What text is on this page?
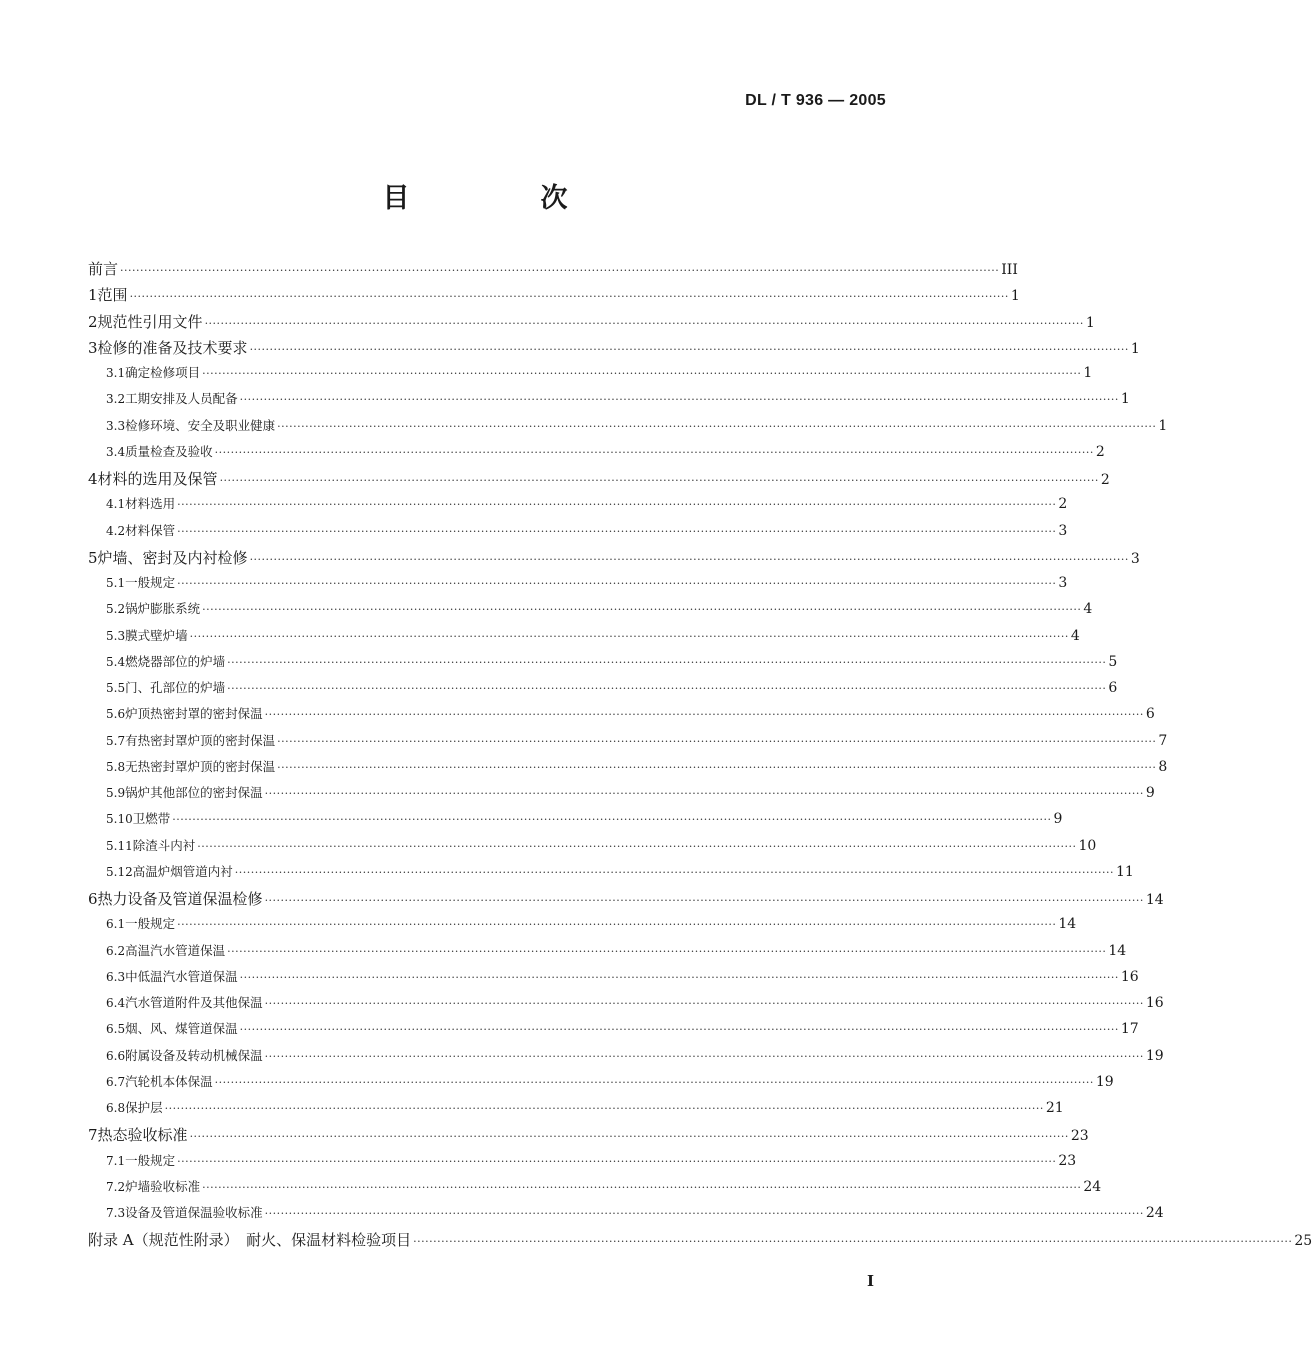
DL / T 936 — 2005
目　次
前言 ···························································································································································································································· III
1 范围 ···························································································································································································································· 1
2 规范性引用文件 ···························································································································································································································· 1
3 检修的准备及技术要求 ···························································································································································································································· 1
3.1 确定检修项目 ···························································································································································································································· 1
3.2 工期安排及人员配备 ···························································································································································································································· 1
3.3 检修环境、安全及职业健康 ···························································································································································································································· 1
3.4 质量检查及验收 ···························································································································································································································· 2
4 材料的选用及保管 ···························································································································································································································· 2
4.1 材料选用 ···························································································································································································································· 2
4.2 材料保管 ···························································································································································································································· 3
5 炉墙、密封及内衬检修 ···························································································································································································································· 3
5.1 一般规定 ···························································································································································································································· 3
5.2 锅炉膨胀系统 ···························································································································································································································· 4
5.3 膜式壁炉墙 ···························································································································································································································· 4
5.4 燃烧器部位的炉墙 ···························································································································································································································· 5
5.5 门、孔部位的炉墙 ···························································································································································································································· 6
5.6 炉顶热密封罩的密封保温 ···························································································································································································································· 6
5.7 有热密封罩炉顶的密封保温 ···························································································································································································································· 7
5.8 无热密封罩炉顶的密封保温 ···························································································································································································································· 8
5.9 锅炉其他部位的密封保温 ···························································································································································································································· 9
5.10 卫燃带 ···························································································································································································································· 9
5.11 除渣斗内衬 ···························································································································································································································· 10
5.12 高温炉烟管道内衬 ···························································································································································································································· 11
6 热力设备及管道保温检修 ···························································································································································································································· 14
6.1 一般规定 ···························································································································································································································· 14
6.2 高温汽水管道保温 ···························································································································································································································· 14
6.3 中低温汽水管道保温 ···························································································································································································································· 16
6.4 汽水管道附件及其他保温 ···························································································································································································································· 16
6.5 烟、风、煤管道保温 ···························································································································································································································· 17
6.6 附属设备及转动机械保温 ···························································································································································································································· 19
6.7 汽轮机本体保温 ···························································································································································································································· 19
6.8 保护层 ···························································································································································································································· 21
7 热态验收标准 ···························································································································································································································· 23
7.1 一般规定 ···························································································································································································································· 23
7.2 炉墙验收标准 ···························································································································································································································· 24
7.3 设备及管道保温验收标准 ···························································································································································································································· 24
附录 A（规范性附录）　耐火、保温材料检验项目 ···························································································································································································································· 25
I
